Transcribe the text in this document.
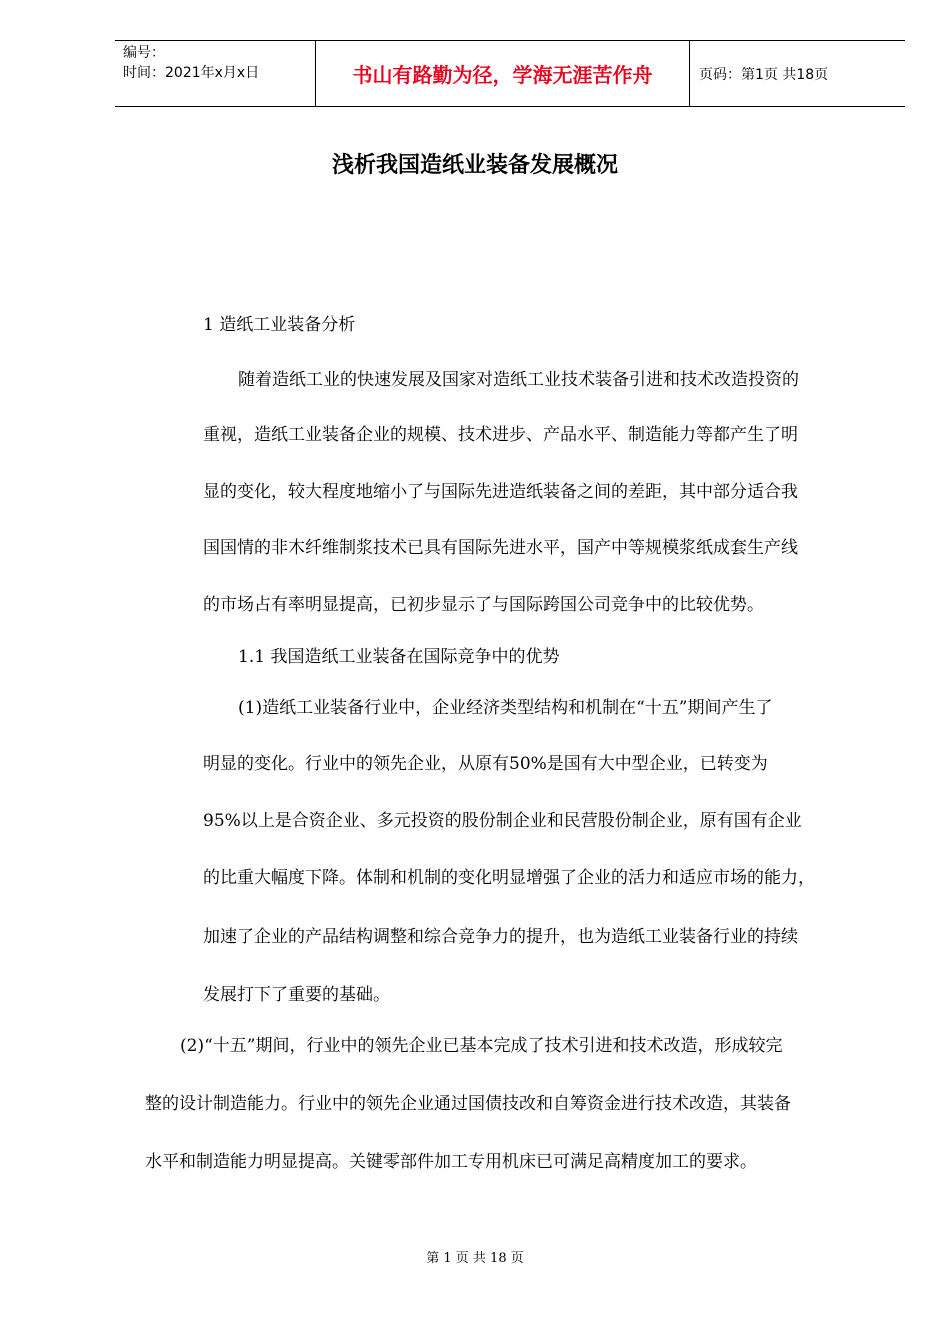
编号：
时间：2021年x月x日	书山有路勤为径，学海无涯苦作舟	页码：第1页 共18页
浅析我国造纸业装备发展概况
1 造纸工业装备分析
随着造纸工业的快速发展及国家对造纸工业技术装备引进和技术改造投资的
重视，造纸工业装备企业的规模、技术进步、产品水平、制造能力等都产生了明
显的变化，较大程度地缩小了与国际先进造纸装备之间的差距，其中部分适合我
国国情的非木纤维制浆技术已具有国际先进水平，国产中等规模浆纸成套生产线
的市场占有率明显提高，已初步显示了与国际跨国公司竞争中的比较优势。
1.1 我国造纸工业装备在国际竞争中的优势
(1)造纸工业装备行业中，企业经济类型结构和机制在“十五”期间产生了
明显的变化。行业中的领先企业，从原有50%是国有大中型企业，已转变为
95%以上是合资企业、多元投资的股份制企业和民营股份制企业，原有国有企业
的比重大幅度下降。体制和机制的变化明显增强了企业的活力和适应市场的能力，
加速了企业的产品结构调整和综合竞争力的提升，也为造纸工业装备行业的持续
发展打下了重要的基础。
(2)“十五”期间，行业中的领先企业已基本完成了技术引进和技术改造，形成较完
整的设计制造能力。行业中的领先企业通过国债技改和自筹资金进行技术改造，其装备
水平和制造能力明显提高。关键零部件加工专用机床已可满足高精度加工的要求。
第 1 页 共 18 页
